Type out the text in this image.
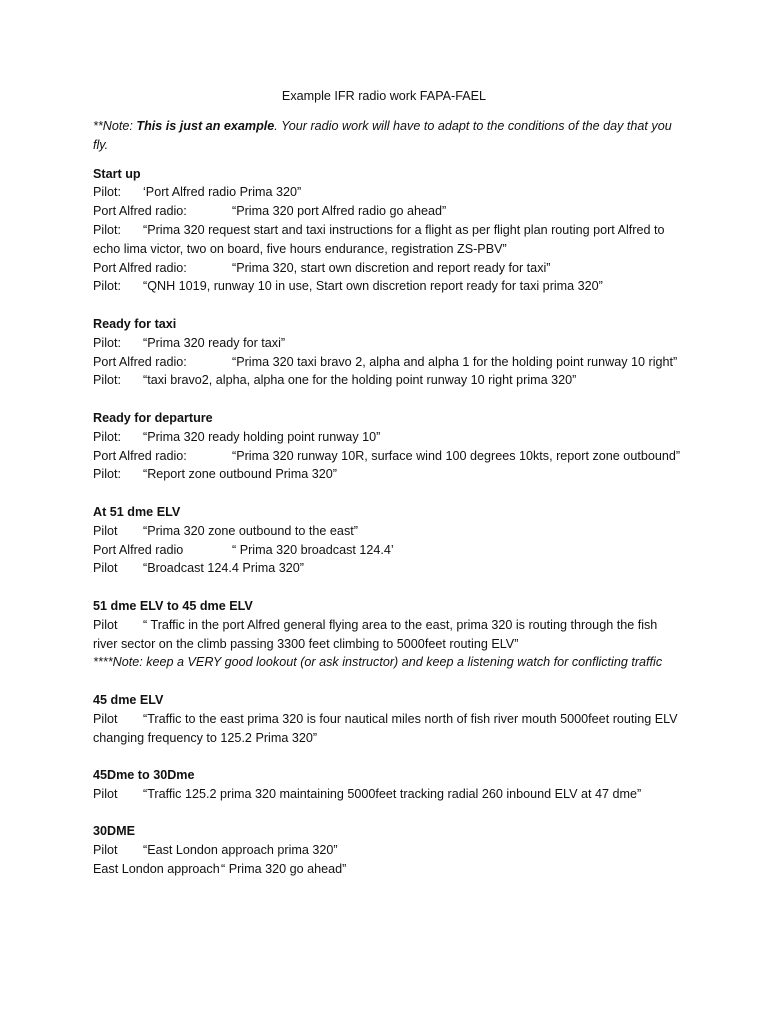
Example IFR radio work FAPA-FAEL
**Note: This is just an example. Your radio work will have to adapt to the conditions of the day that you fly.
Start up
Pilot: ‘Port Alfred radio Prima 320”
Port Alfred radio:	“Prima 320 port Alfred radio go ahead”
Pilot: “Prima 320 request start and taxi instructions for a flight as per flight plan routing port Alfred to echo lima victor, two on board, five hours endurance, registration ZS-PBV”
Port Alfred radio:	“Prima 320, start own discretion and report ready for taxi”
Pilot: “QNH 1019, runway 10 in use, Start own discretion report ready for taxi prima 320”
Ready for taxi
Pilot: “Prima 320 ready for taxi”
Port Alfred radio:	“Prima 320 taxi bravo 2, alpha and alpha 1 for the holding point runway 10 right”
Pilot: “taxi bravo2, alpha, alpha one for the holding point runway 10 right prima 320”
Ready for departure
Pilot: “Prima 320 ready holding point runway 10”
Port Alfred radio:	“Prima 320 runway 10R, surface wind 100 degrees 10kts, report zone outbound”
Pilot: “Report zone outbound Prima 320”
At 51 dme ELV
Pilot “Prima 320 zone outbound to the east”
Port Alfred radio	“ Prima 320 broadcast 124.4’
Pilot “Broadcast 124.4 Prima 320”
51 dme ELV to 45 dme ELV
Pilot “ Traffic in the port Alfred general flying area to the east, prima 320 is routing through the fish river sector on the climb passing 3300 feet climbing to 5000feet routing ELV”
****Note: keep a VERY good lookout (or ask instructor) and keep a listening watch for conflicting traffic
45 dme ELV
Pilot “Traffic to the east prima 320 is four nautical miles north of fish river mouth 5000feet routing ELV changing frequency to 125.2 Prima 320”
45Dme to 30Dme
Pilot “Traffic 125.2 prima 320 maintaining 5000feet tracking radial 260 inbound ELV at 47 dme”
30DME
Pilot “East London approach prima 320”
East London approach“ Prima 320 go ahead”
